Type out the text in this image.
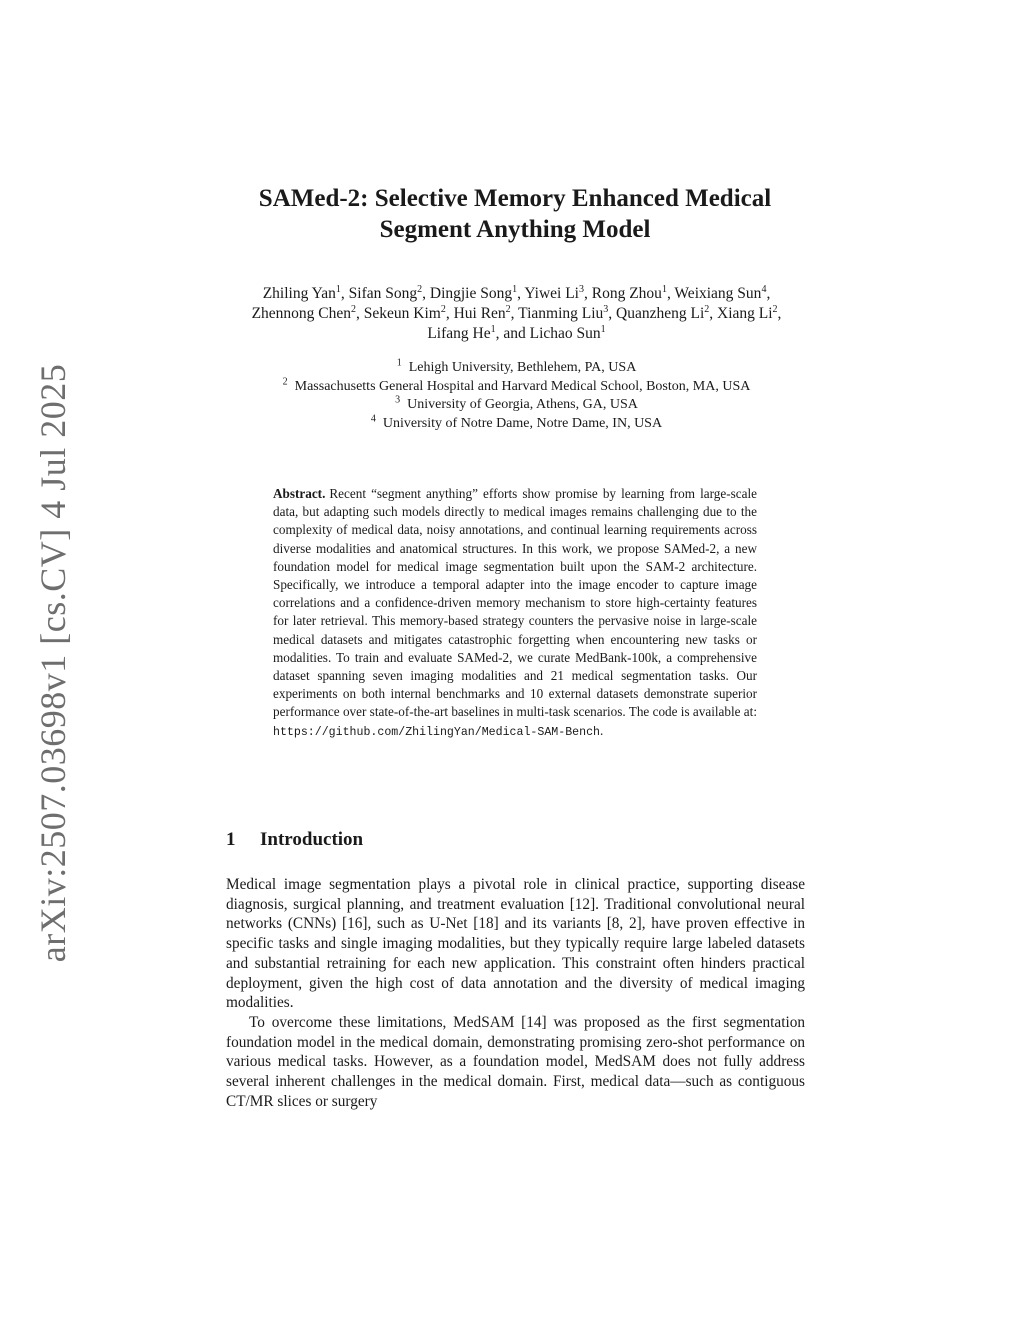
arXiv:2507.03698v1 [cs.CV] 4 Jul 2025
SAMed-2: Selective Memory Enhanced Medical
Segment Anything Model
Zhiling Yan$^1$, Sifan Song$^2$, Dingjie Song$^1$, Yiwei Li$^3$, Rong Zhou$^1$, Weixiang Sun$^4$, Zhennong Chen$^2$, Sekeun Kim$^2$, Hui Ren$^2$, Tianming Liu$^3$, Quanzheng Li$^2$, Xiang Li$^2$, Lifang He$^1$, and Lichao Sun$^1$
$^1$ Lehigh University, Bethlehem, PA, USA
$^2$ Massachusetts General Hospital and Harvard Medical School, Boston, MA, USA
$^3$ University of Georgia, Athens, GA, USA
$^4$ University of Notre Dame, Notre Dame, IN, USA
Abstract. Recent “segment anything” efforts show promise by learning from large-scale data, but adapting such models directly to medical images remains challenging due to the complexity of medical data, noisy annotations, and continual learning requirements across diverse modalities and anatomical structures. In this work, we propose SAMed-2, a new foundation model for medical image segmentation built upon the SAM-2 architecture. Specifically, we introduce a temporal adapter into the image encoder to capture image correlations and a confidence-driven memory mechanism to store high-certainty features for later retrieval. This memory-based strategy counters the pervasive noise in large-scale medical datasets and mitigates catastrophic forgetting when encountering new tasks or modalities. To train and evaluate SAMed-2, we curate MedBank-100k, a comprehensive dataset spanning seven imaging modalities and 21 medical segmentation tasks. Our experiments on both internal benchmarks and 10 external datasets demonstrate superior performance over state-of-the-art baselines in multi-task scenarios. The code is available at: https://github.com/ZhilingYan/Medical-SAM-Bench.
1 Introduction

Medical image segmentation plays a pivotal role in clinical practice, supporting disease diagnosis, surgical planning, and treatment evaluation [12]. Traditional convolutional neural networks (CNNs) [16], such as U-Net [18] and its variants [8, 2], have proven effective in specific tasks and single imaging modalities, but they typically require large labeled datasets and substantial retraining for each new application. This constraint often hinders practical deployment, given the high cost of data annotation and the diversity of medical imaging modalities.

To overcome these limitations, MedSAM [14] was proposed as the first segmentation foundation model in the medical domain, demonstrating promising zero-shot performance on various medical tasks. However, as a foundation model, MedSAM does not fully address several inherent challenges in the medical domain. First, medical data—such as contiguous CT/MR slices or surgery
